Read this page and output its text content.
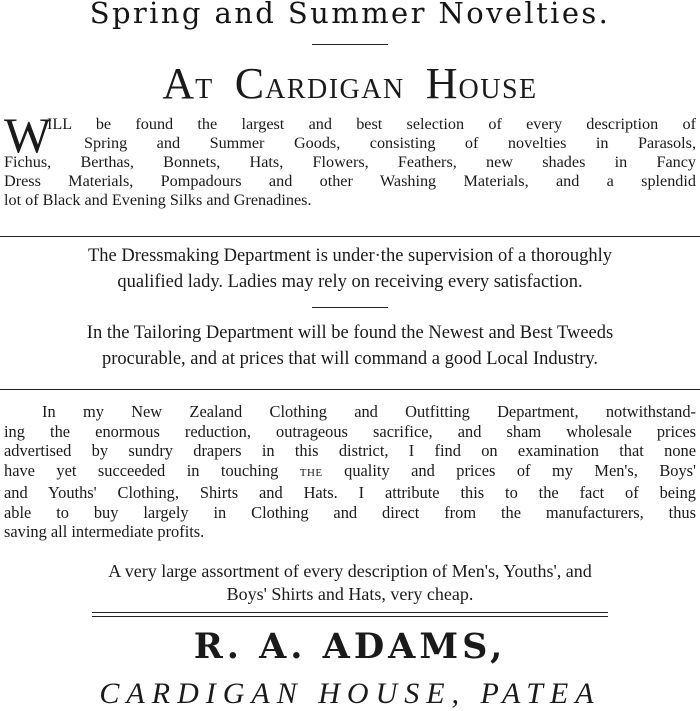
Spring and Summer Novelties.
AT CARDIGAN HOUSE
W
ILL be found the largest and best selection of every description of
Spring and Summer Goods, consisting of novelties in Parasols,
Fichus, Berthas, Bonnets, Hats, Flowers, Feathers, new shades in Fancy
Dress Materials, Pompadours and other Washing Materials, and a splendid
lot of Black and Evening Silks and Grenadines.
The Dressmaking Department is under·the supervision of a thoroughly
qualified lady. Ladies may rely on receiving every satisfaction.
In the Tailoring Department will be found the Newest and Best Tweeds
procurable, and at prices that will command a good Local Industry.
In my New Zealand Clothing and Outfitting Department, notwithstand-
ing the enormous reduction, outrageous sacrifice, and sham wholesale prices
advertised by sundry drapers in this district, I find on examination that none
have yet succeeded in touching THE quality and prices of my Men's, Boys'
and Youths' Clothing, Shirts and Hats. I attribute this to the fact of being
able to buy largely in Clothing and direct from the manufacturers, thus
saving all intermediate profits.
A very large assortment of every description of Men's, Youths', and
Boys' Shirts and Hats, very cheap.
R. A. ADAMS,
CARDIGAN HOUSE, PATEA
